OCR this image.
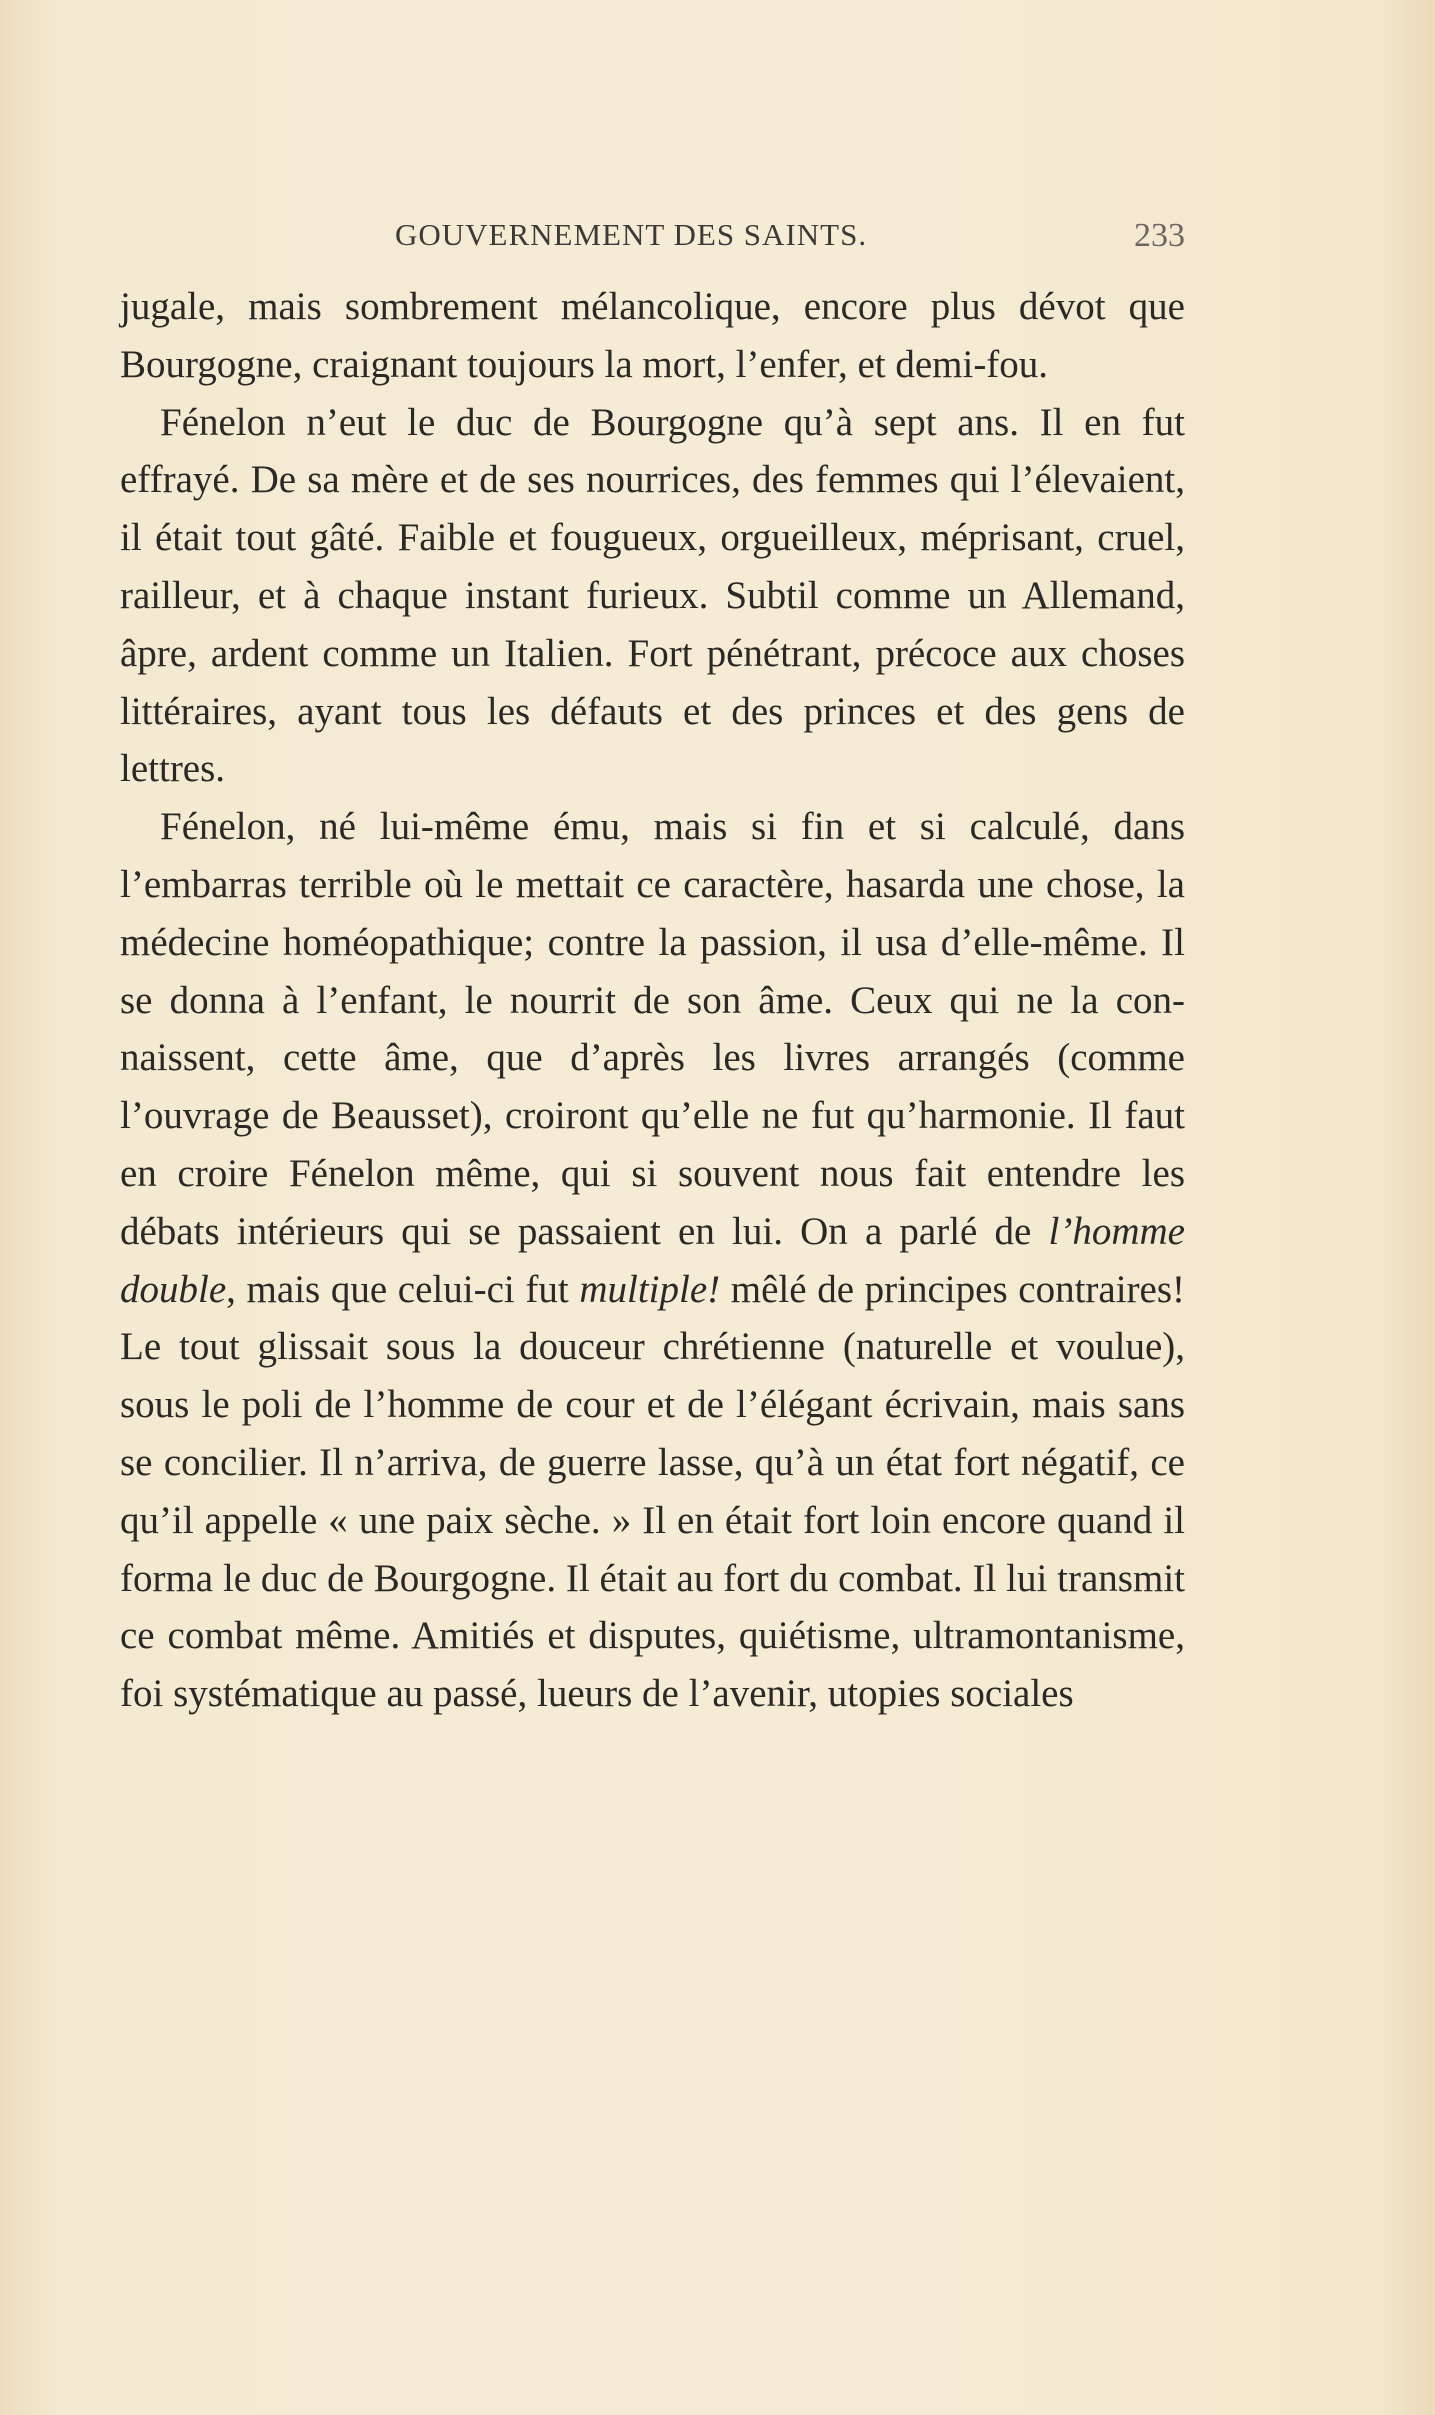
GOUVERNEMENT DES SAINTS.	233

jugale, mais sombrement mélancolique, encore plus dévot que Bourgogne, craignant toujours la mort, l’enfer, et demi-fou.

Fénelon n’eut le duc de Bourgogne qu’à sept ans. Il en fut effrayé. De sa mère et de ses nourrices, des femmes qui l’élevaient, il était tout gâté. Faible et fougueux, orgueilleux, méprisant, cruel, railleur, et à chaque instant furieux. Subtil comme un Allemand, âpre, ardent comme un Italien. Fort pénétrant, précoce aux choses littéraires, ayant tous les défauts et des princes et des gens de lettres.

Fénelon, né lui-même ému, mais si fin et si calculé, dans l’embarras terrible où le mettait ce caractère, hasarda une chose, la médecine homéopathique; contre la passion, il usa d’elle-même. Il se donna à l’enfant, le nourrit de son âme. Ceux qui ne la connaissent, cette âme, que d’après les livres arrangés (comme l’ouvrage de Beausset), croiront qu’elle ne fut qu’harmonie. Il faut en croire Fénelon même, qui si souvent nous fait entendre les débats intérieurs qui se passaient en lui. On a parlé de l’homme double, mais que celui-ci fut multiple! mêlé de principes contraires! Le tout glissait sous la douceur chrétienne (naturelle et voulue), sous le poli de l’homme de cour et de l’élégant écrivain, mais sans se concilier. Il n’arriva, de guerre lasse, qu’à un état fort négatif, ce qu’il appelle « une paix sèche. » Il en était fort loin encore quand il forma le duc de Bourgogne. Il était au fort du combat. Il lui transmit ce combat même. Amitiés et disputes, quiétisme, ultramontanisme, foi systématique au passé, lueurs de l’avenir, utopies sociales
